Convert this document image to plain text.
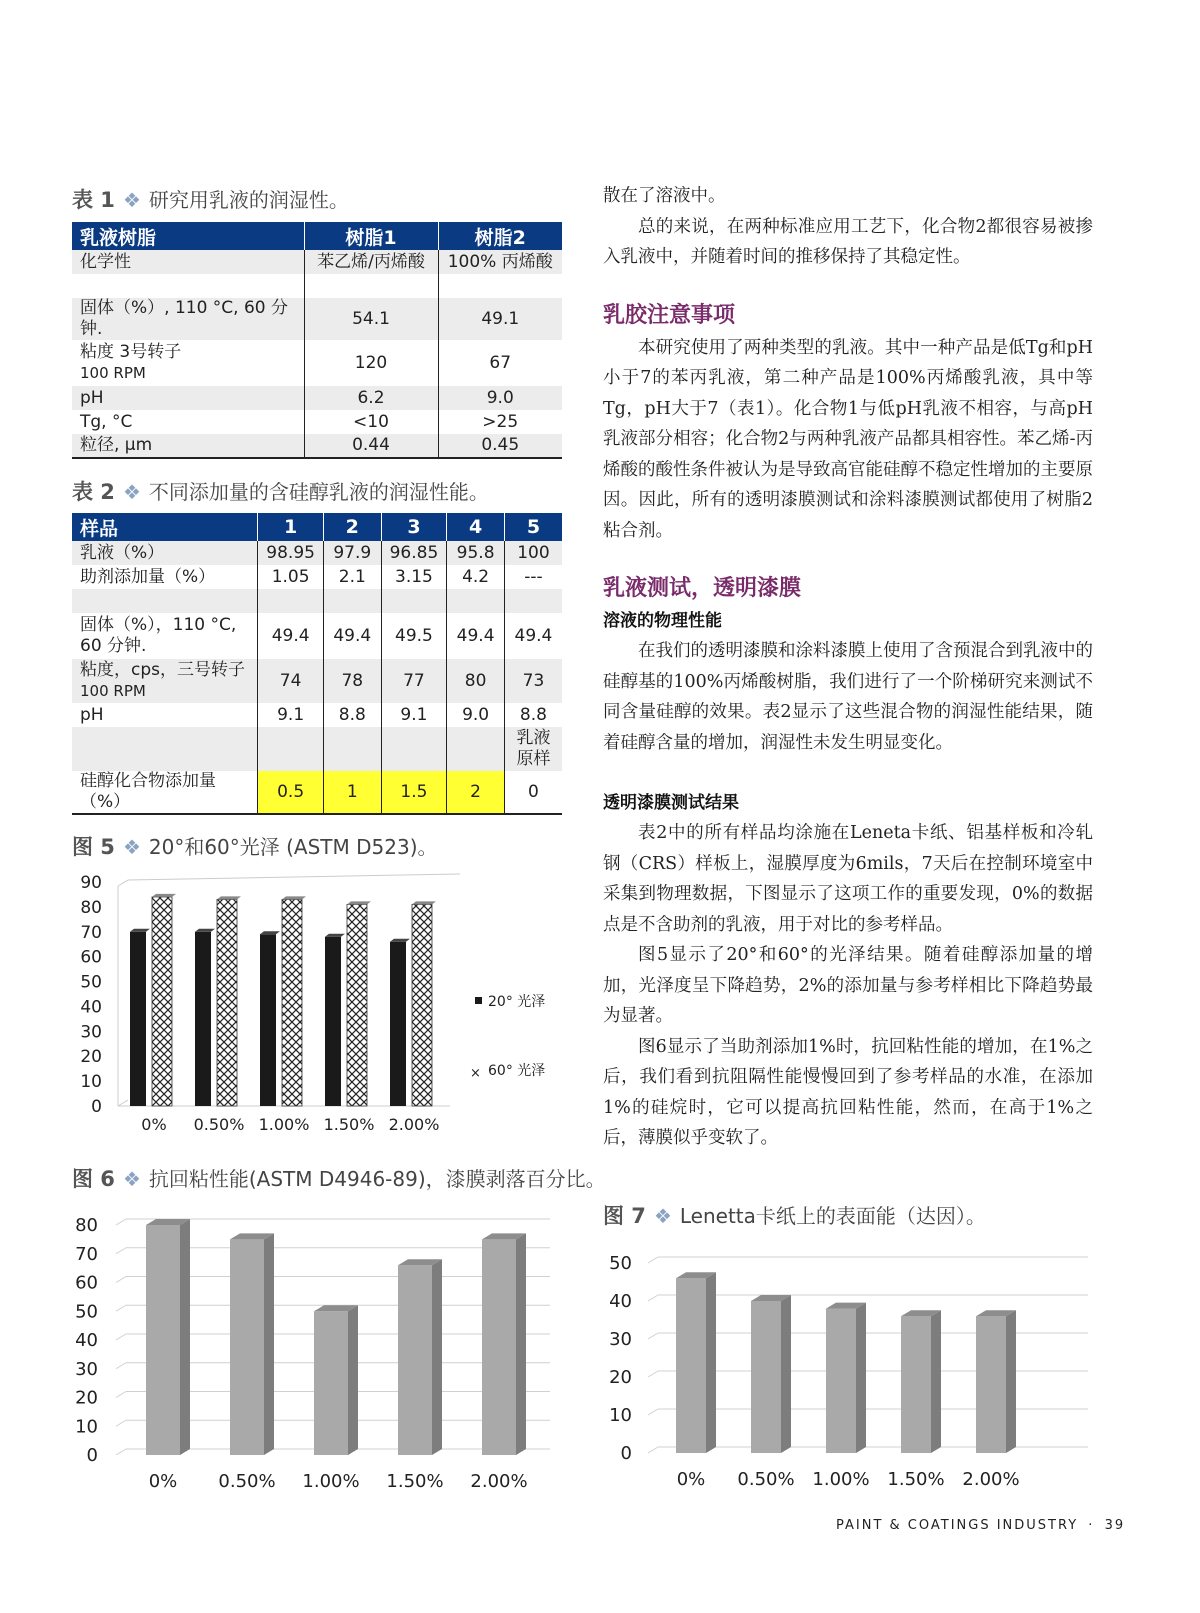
表 1 ❖ 研究用乳液的润湿性。
乳液树脂	树脂1	树脂2

化学性	苯乙烯/丙烯酸	100% 丙烯酸

固体（%）, 110 °C, 60 分钟.	54.1	49.1

粘度 3号转子
100 RPM	120	67

pH	6.2	9.0

Tg, °C	<10	>25

粒径, µm	0.44	0.45
表 2 ❖ 不同添加量的含硅醇乳液的润湿性能。
样品	1	2	3	4	5

乳液（%）	98.95	97.9	96.85	95.8	100

助剂添加量（%）	1.05	2.1	3.15	4.2	---

固体（%），110 °C,
60 分钟.	49.4	49.4	49.5	49.4	49.4

粘度，cps，三号转子
100 RPM	74	78	77	80	73

pH	9.1	8.8	9.1	9.0	8.8

					乳液
原样

硅醇化合物添加量（%）	0.5	1	1.5	2	0
图 5 ❖ 20°和60°光泽 (ASTM D523)。
图 6 ❖ 抗回粘性能(ASTM D4946-89)，漆膜剥落百分比。
图 7 ❖ Lenetta卡纸上的表面能（达因）。
0
10
20
30
40
50
60
70
80
90
0% 0.50% 1.00% 1.50% 2.00%
20° 光泽
× 60° 光泽
0
10
20
30
40
50
60
70
80
0% 0.50% 1.00% 1.50% 2.00%
0
10
20
30
40
50
0% 0.50% 1.00% 1.50% 2.00%

散在了溶液中。

总的来说，在两种标准应用工艺下，化合物2都很容易被掺入乳液中，并随着时间的推移保持了其稳定性。

乳胶注意事项

本研究使用了两种类型的乳液。其中一种产品是低Tg和pH小于7的苯丙乳液，第二种产品是100%丙烯酸乳液，具中等Tg，pH大于7（表1）。化合物1与低pH乳液不相容，与高pH乳液部分相容；化合物2与两种乳液产品都具相容性。苯乙烯-丙烯酸的酸性条件被认为是导致高官能硅醇不稳定性增加的主要原因。因此，所有的透明漆膜测试和涂料漆膜测试都使用了树脂2粘合剂。

乳液测试，透明漆膜
溶液的物理性能

在我们的透明漆膜和涂料漆膜上使用了含预混合到乳液中的硅醇基的100%丙烯酸树脂，我们进行了一个阶梯研究来测试不同含量硅醇的效果。表2显示了这些混合物的润湿性能结果，随着硅醇含量的增加，润湿性未发生明显变化。

透明漆膜测试结果

表2中的所有样品均涂施在Leneta卡纸、铝基样板和冷轧钢（CRS）样板上，湿膜厚度为6mils，7天后在控制环境室中采集到物理数据，下图显示了这项工作的重要发现，0%的数据点是不含助剂的乳液，用于对比的参考样品。

图5显示了20°和60°的光泽结果。随着硅醇添加量的增加，光泽度呈下降趋势，2%的添加量与参考样相比下降趋势最为显著。

图6显示了当助剂添加1%时，抗回粘性能的增加，在1%之后，我们看到抗阻隔性能慢慢回到了参考样品的水准，在添加1%的硅烷时，它可以提高抗回粘性能，然而，在高于1%之后，薄膜似乎变软了。

PAINT & COATINGS INDUSTRY · 39
